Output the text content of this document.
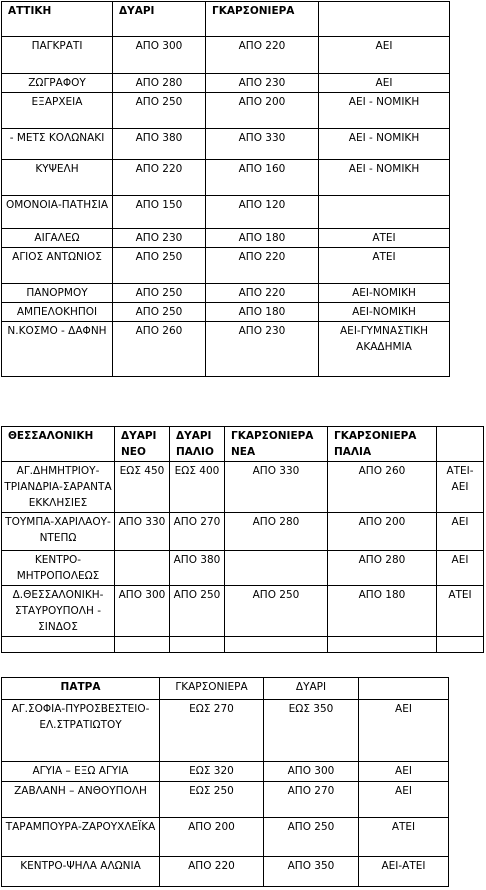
ΑΤΤΙΚΗ	ΔΥΑΡΙ	ΓΚΑΡΣΟΝΙΕΡΑ	
ΠΑΓΚΡΑΤΙ	ΑΠΟ 300	ΑΠΟ 220	ΑΕΙ
ΖΩΓΡΑΦΟΥ	ΑΠΟ 280	ΑΠΟ 230	ΑΕΙ
ΕΞΑΡΧΕΙΑ	ΑΠΟ 250	ΑΠΟ 200	ΑΕΙ - ΝΟΜΙΚΗ
- ΜΕΤΣ ΚΟΛΩΝΑΚΙ	ΑΠΟ 380	ΑΠΟ 330	ΑΕΙ - ΝΟΜΙΚΗ
ΚΥΨΕΛΗ	ΑΠΟ 220	ΑΠΟ 160	ΑΕΙ - ΝΟΜΙΚΗ
ΟΜΟΝΟΙΑ-ΠΑΤΗΣΙΑ	ΑΠΟ 150	ΑΠΟ 120	
ΑΙΓΑΛΕΩ	ΑΠΟ 230	ΑΠΟ 180	ΑΤΕΙ
ΑΓΙΟΣ ΑΝΤΩΝΙΟΣ	ΑΠΟ 250	ΑΠΟ 220	ΑΤΕΙ
ΠΑΝΟΡΜΟΥ	ΑΠΟ 250	ΑΠΟ 220	ΑΕΙ-ΝΟΜΙΚΗ
ΑΜΠΕΛΟΚΗΠΟΙ	ΑΠΟ 250	ΑΠΟ 180	ΑΕΙ-ΝΟΜΙΚΗ
Ν.ΚΟΣΜΟ - ΔΑΦΝΗ	ΑΠΟ 260	ΑΠΟ 230	ΑΕΙ-ΓΥΜΝΑΣΤΙΚΗ ΑΚΑΔΗΜΙΑ
ΘΕΣΣΑΛΟΝΙΚΗ	ΔΥΑΡΙ ΝΕΟ	ΔΥΑΡΙ ΠΑΛΙΟ	ΓΚΑΡΣΟΝΙΕΡΑ ΝΕΑ	ΓΚΑΡΣΟΝΙΕΡΑ ΠΑΛΙΑ	
ΑΓ.ΔΗΜΗΤΡΙΟΥ-ΤΡΙΑΝΔΡΙΑ-ΣΑΡΑΝΤΑ ΕΚΚΛΗΣΙΕΣ	ΕΩΣ 450	ΕΩΣ 400	ΑΠΟ 330	ΑΠΟ 260	ΑΤΕΙ-ΑΕΙ
ΤΟΥΜΠΑ-ΧΑΡΙΛΑΟΥ-ΝΤΕΠΩ	ΑΠΟ 330	ΑΠΟ 270	ΑΠΟ 280	ΑΠΟ 200	ΑΕΙ
ΚΕΝΤΡΟ-ΜΗΤΡΟΠΟΛΕΩΣ		ΑΠΟ 380		ΑΠΟ 280	ΑΕΙ
Δ.ΘΕΣΣΑΛΟΝΙΚΗ-ΣΤΑΥΡΟΥΠΟΛΗ - ΣΙΝΔΟΣ	ΑΠΟ 300	ΑΠΟ 250	ΑΠΟ 250	ΑΠΟ 180	ΑΤΕΙ

ΠΑΤΡΑ	ΓΚΑΡΣΟΝΙΕΡΑ	ΔΥΑΡΙ	
ΑΓ.ΣΟΦΙΑ-ΠΥΡΟΣΒΕΣΤΕΙΟ-ΕΛ.ΣΤΡΑΤΙΩΤΟΥ	ΕΩΣ 270	ΕΩΣ 350	ΑΕΙ
ΑΓΥΙΑ – ΕΞΩ ΑΓΥΙΑ	ΕΩΣ 320	ΑΠΟ 300	ΑΕΙ
ΖΑΒΛΑΝΗ – ΑΝΘΟΥΠΟΛΗ	ΕΩΣ 250	ΑΠΟ 270	ΑΕΙ
ΤΑΡΑΜΠΟΥΡΑ-ΖΑΡΟΥΧΛΕΪΚΑ	ΑΠΟ 200	ΑΠΟ 250	ΑΤΕΙ
ΚΕΝΤΡΟ-ΨΗΛΑ ΑΛΩΝΙΑ	ΑΠΟ 220	ΑΠΟ 350	ΑΕΙ-ΑΤΕΙ
